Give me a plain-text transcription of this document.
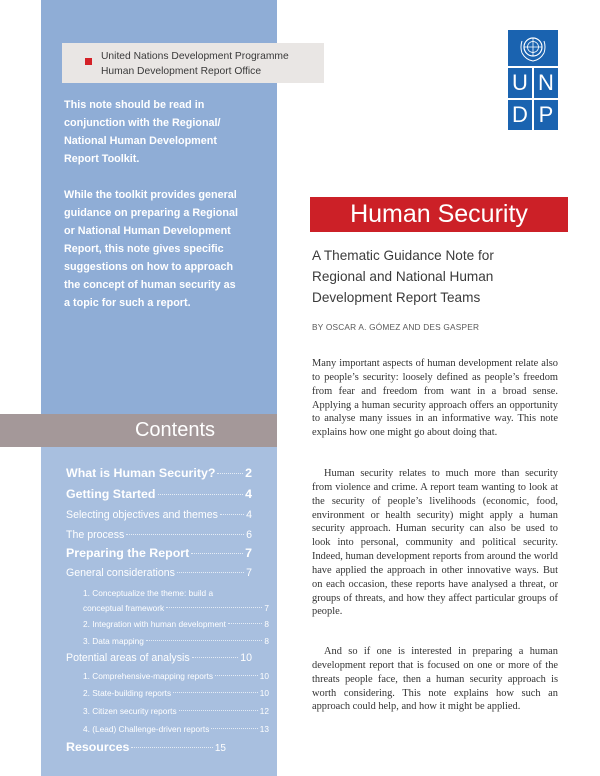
United Nations Development Programme
Human Development Report Office	U N
D P
This note should be read in
conjunction with the Regional/
National Human Development
Report Toolkit.
While the toolkit provides general
guidance on preparing a Regional
or National Human Development
Report, this note gives specific
suggestions on how to approach
the concept of human security as
a topic for such a report.
Human Security
A Thematic Guidance Note for
Regional and National Human
Development Report Teams
BY OSCAR A. GÓMEZ AND DES GASPER

Many important aspects of human development relate also to people’s security: loosely defined as people’s freedom from fear and freedom from want in a broad sense. Applying a human security approach offers an opportunity to analyse many issues in an informative way. This note explains how one might go about doing that.

Human security relates to much more than security from violence and crime. A report team wanting to look at the security of people’s livelihoods (economic, food, environment or health security) might apply a human security approach. Human security can also be used to look into personal, community and political security. Indeed, human development reports from around the world have applied the approach in other innovative ways. But on each occasion, these reports have analysed a threat, or groups of threats, and how they affect particular groups of people.

And so if one is interested in preparing a human development report that is focused on one or more of the threats people face, then a human security approach is worth considering. This note explains how such an approach could help, and how it might be applied.

Contents
What is Human Security? 2
Getting Started	4
Selecting objectives and themes	4
The process	6
Preparing the Report	7
General considerations	7
1. Conceptualize the theme: build a
conceptual framework	7
2. Integration with human development	8
3. Data mapping	8
Potential areas of analysis	10
1. Comprehensive-mapping reports	10
2. State-building reports	10
3. Citizen security reports	12
4. (Lead) Challenge-driven reports	13
Resources	15
